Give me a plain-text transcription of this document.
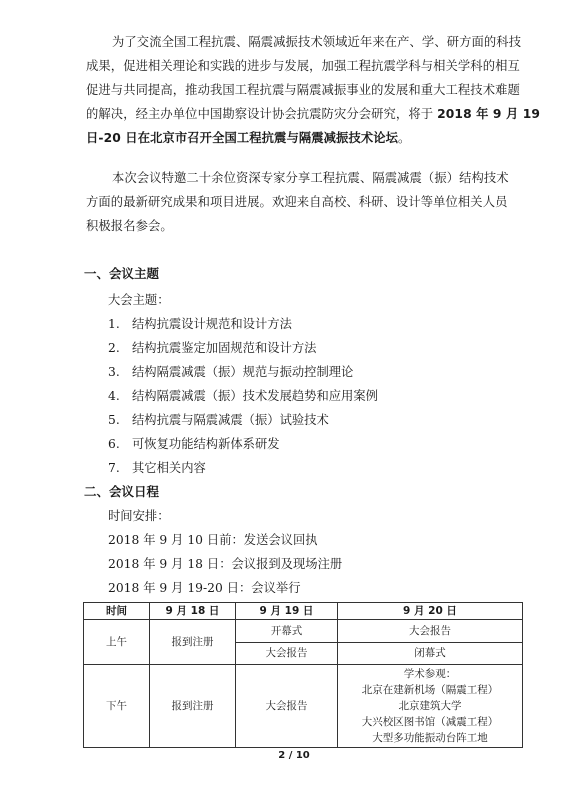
为了交流全国工程抗震、隔震减振技术领域近年来在产、学、研方面的科技
成果，促进相关理论和实践的进步与发展，加强工程抗震学科与相关学科的相互
促进与共同提高，推动我国工程抗震与隔震减振事业的发展和重大工程技术难题
的解决，经主办单位中国勘察设计协会抗震防灾分会研究，将于 2018 年 9 月 19
日-20 日在北京市召开全国工程抗震与隔震减振技术论坛。
本次会议特邀二十余位资深专家分享工程抗震、隔震减震（振）结构技术
方面的最新研究成果和项目进展。欢迎来自高校、科研、设计等单位相关人员
积极报名参会。
一、会议主题
大会主题：
1. 结构抗震设计规范和设计方法
2. 结构抗震鉴定加固规范和设计方法
3. 结构隔震减震（振）规范与振动控制理论
4. 结构隔震减震（振）技术发展趋势和应用案例
5. 结构抗震与隔震减震（振）试验技术
6. 可恢复功能结构新体系研发
7. 其它相关内容
二、会议日程
时间安排：
2018 年 9 月 10 日前：发送会议回执
2018 年 9 月 18 日：会议报到及现场注册
2018 年 9 月 19-20 日：会议举行
时间	9 月 18 日	9 月 19 日	9 月 20 日
上午	报到注册	开幕式	大会报告
		大会报告	闭幕式
下午	报到注册	大会报告	学术参观：
北京在建新机场（隔震工程）
北京建筑大学
大兴校区图书馆（减震工程）
大型多功能振动台阵工地
2 / 10
